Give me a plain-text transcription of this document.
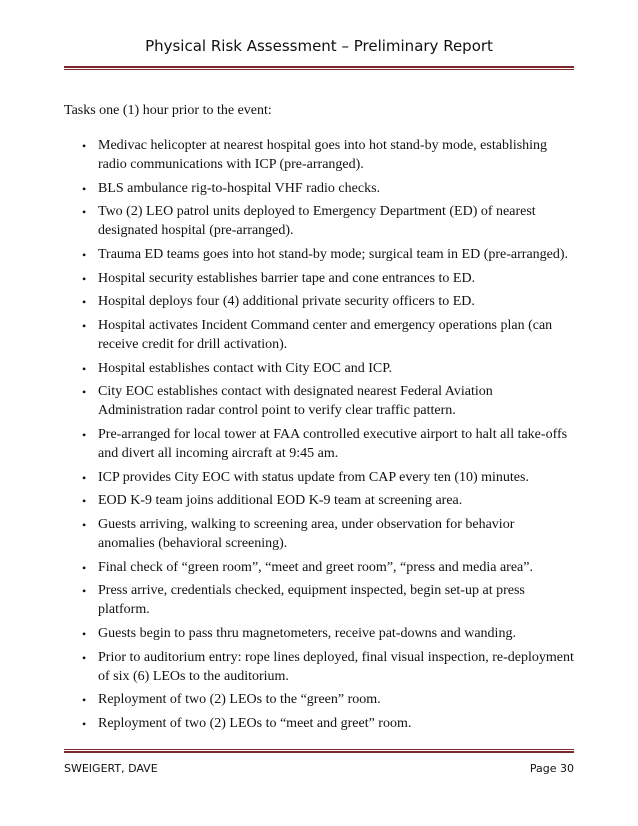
Physical Risk Assessment – Preliminary Report
Tasks one (1) hour prior to the event:
• Medivac helicopter at nearest hospital goes into hot stand-by mode, establishing radio communications with ICP (pre-arranged).
• BLS ambulance rig-to-hospital VHF radio checks.
• Two (2) LEO patrol units deployed to Emergency Department (ED) of nearest designated hospital (pre-arranged).
• Trauma ED teams goes into hot stand-by mode; surgical team in ED (pre-arranged).
• Hospital security establishes barrier tape and cone entrances to ED.
• Hospital deploys four (4) additional private security officers to ED.
• Hospital activates Incident Command center and emergency operations plan (can receive credit for drill activation).
• Hospital establishes contact with City EOC and ICP.
• City EOC establishes contact with designated nearest Federal Aviation Administration radar control point to verify clear traffic pattern.
• Pre-arranged for local tower at FAA controlled executive airport to halt all take-offs and divert all incoming aircraft at 9:45 am.
• ICP provides City EOC with status update from CAP every ten (10) minutes.
• EOD K-9 team joins additional EOD K-9 team at screening area.
• Guests arriving, walking to screening area, under observation for behavior anomalies (behavioral screening).
• Final check of “green room”, “meet and greet room”, “press and media area”.
• Press arrive, credentials checked, equipment inspected, begin set-up at press platform.
• Guests begin to pass thru magnetometers, receive pat-downs and wanding.
• Prior to auditorium entry: rope lines deployed, final visual inspection, re-deployment of six (6) LEOs to the auditorium.
• Reployment of two (2) LEOs to the “green” room.
• Reployment of two (2) LEOs to “meet and greet” room.
SWEIGERT, DAVE	Page 30
